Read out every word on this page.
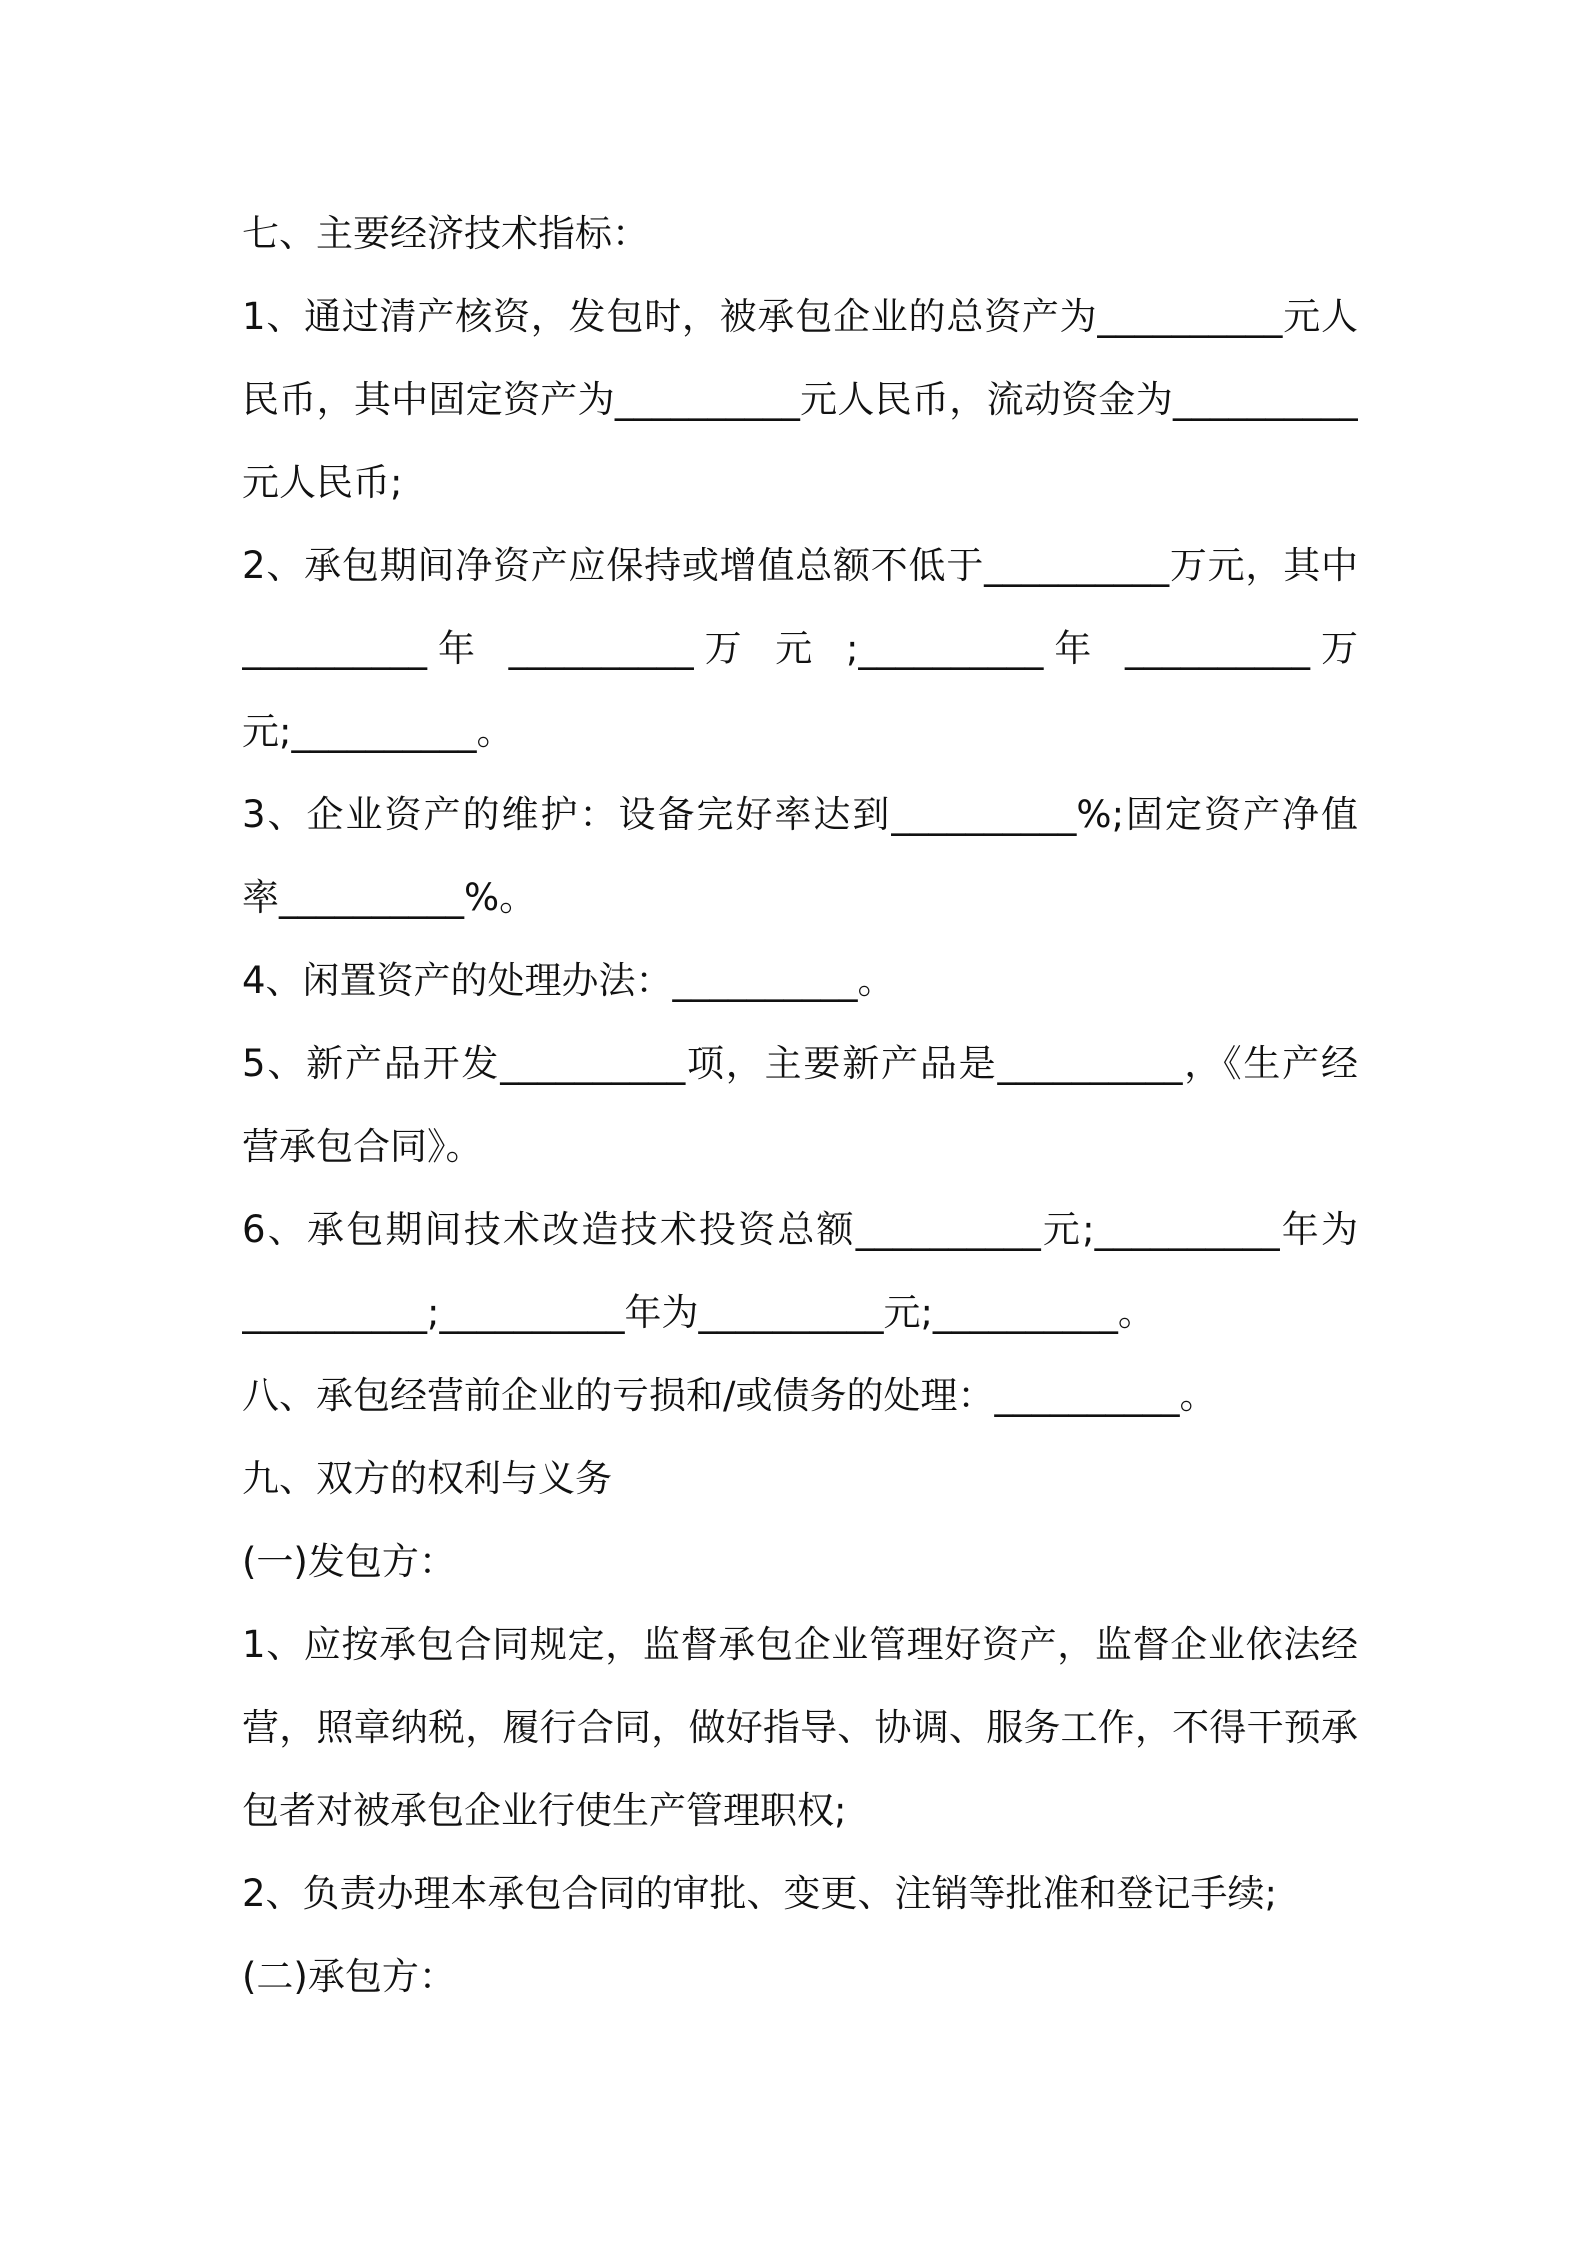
七、主要经济技术指标：
1、通过清产核资，发包时，被承包企业的总资产为__________元人
民币，其中固定资产为__________元人民币，流动资金为__________
元人民币;
2、承包期间净资产应保持或增值总额不低于__________万元，其中
__________年 __________万 元 ;__________年 __________万
元;__________。
3、企业资产的维护：设备完好率达到__________%;固定资产净值
率__________%。
4、闲置资产的处理办法：__________。
5、新产品开发__________项，主要新产品是__________，《生产经
营承包合同》。
6、承包期间技术改造技术投资总额__________元;__________年为
__________;__________年为__________元;__________。
八、承包经营前企业的亏损和/或债务的处理：__________。
九、双方的权利与义务
(一)发包方：
1、应按承包合同规定，监督承包企业管理好资产，监督企业依法经
营，照章纳税，履行合同，做好指导、协调、服务工作，不得干预承
包者对被承包企业行使生产管理职权;
2、负责办理本承包合同的审批、变更、注销等批准和登记手续;
(二)承包方：
